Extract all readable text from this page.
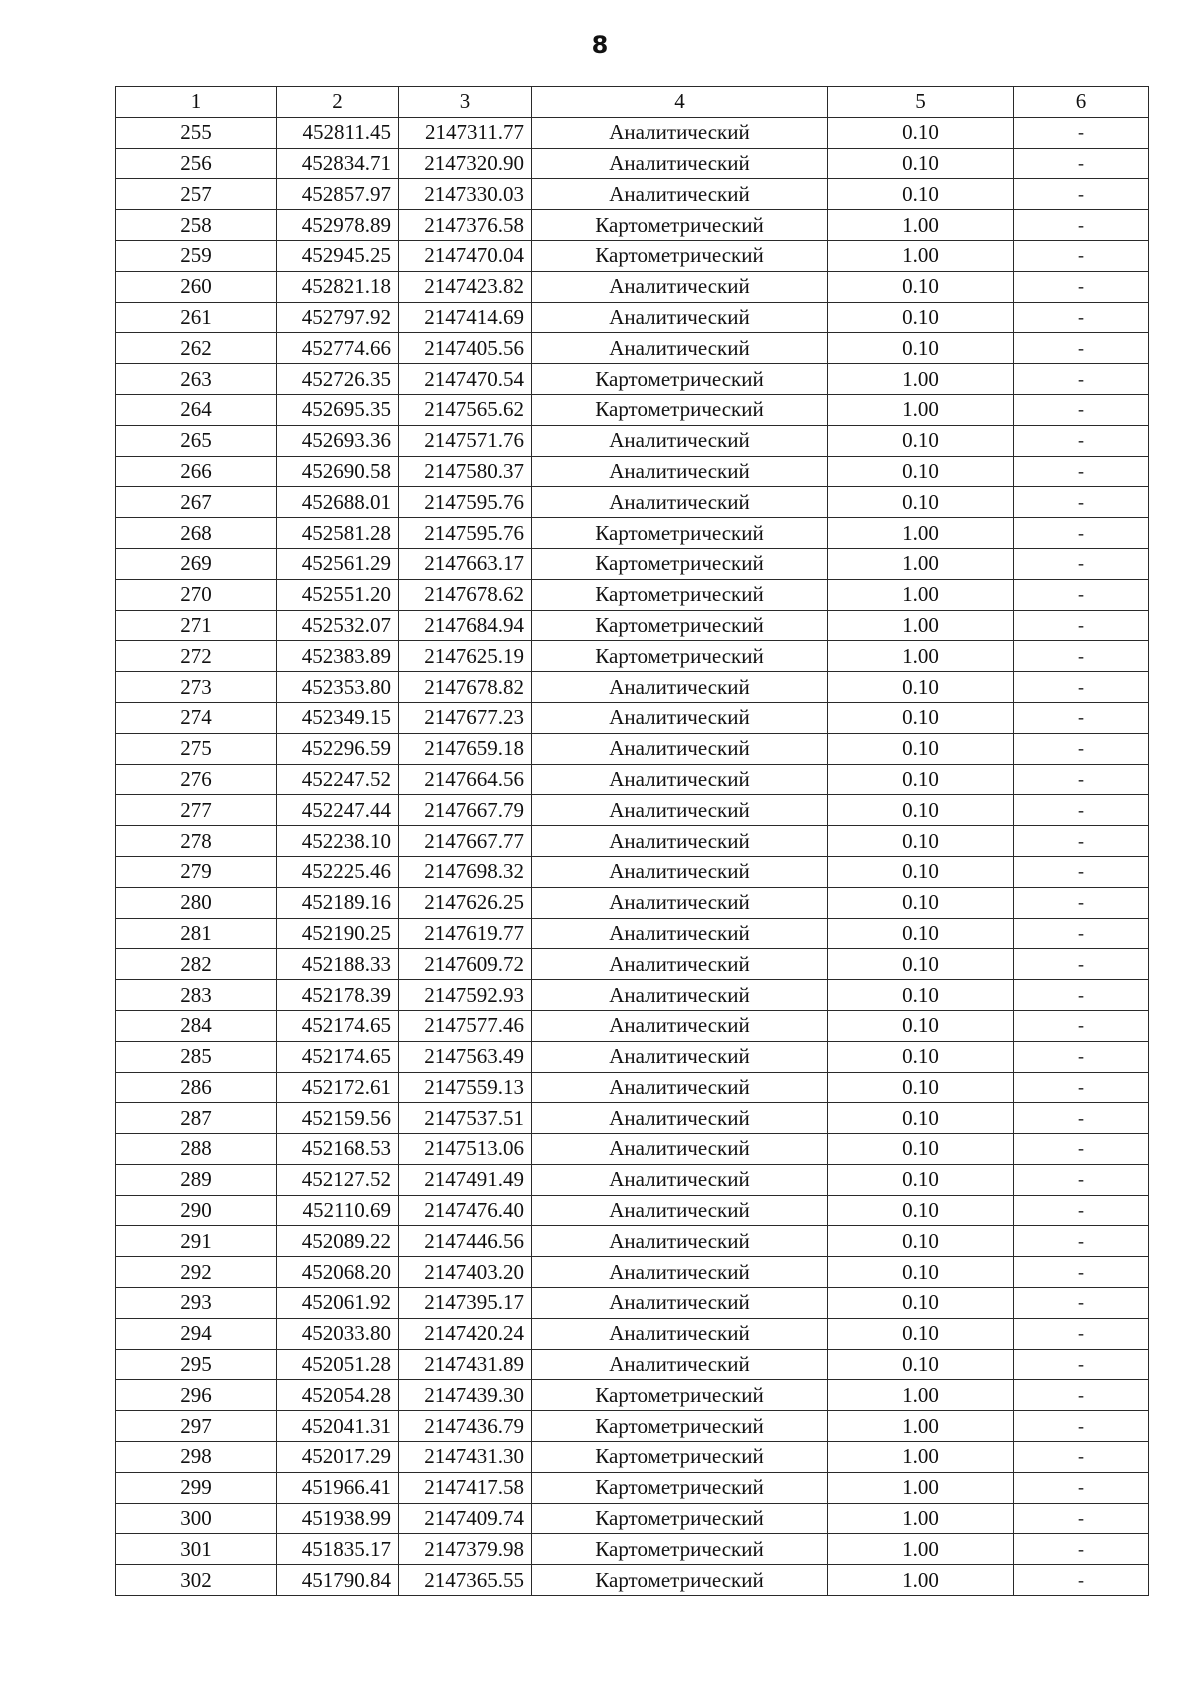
8
1	2	3	4	5	6
255	452811.45	2147311.77	Аналитический	0.10	-
256	452834.71	2147320.90	Аналитический	0.10	-
257	452857.97	2147330.03	Аналитический	0.10	-
258	452978.89	2147376.58	Картометрический	1.00	-
259	452945.25	2147470.04	Картометрический	1.00	-
260	452821.18	2147423.82	Аналитический	0.10	-
261	452797.92	2147414.69	Аналитический	0.10	-
262	452774.66	2147405.56	Аналитический	0.10	-
263	452726.35	2147470.54	Картометрический	1.00	-
264	452695.35	2147565.62	Картометрический	1.00	-
265	452693.36	2147571.76	Аналитический	0.10	-
266	452690.58	2147580.37	Аналитический	0.10	-
267	452688.01	2147595.76	Аналитический	0.10	-
268	452581.28	2147595.76	Картометрический	1.00	-
269	452561.29	2147663.17	Картометрический	1.00	-
270	452551.20	2147678.62	Картометрический	1.00	-
271	452532.07	2147684.94	Картометрический	1.00	-
272	452383.89	2147625.19	Картометрический	1.00	-
273	452353.80	2147678.82	Аналитический	0.10	-
274	452349.15	2147677.23	Аналитический	0.10	-
275	452296.59	2147659.18	Аналитический	0.10	-
276	452247.52	2147664.56	Аналитический	0.10	-
277	452247.44	2147667.79	Аналитический	0.10	-
278	452238.10	2147667.77	Аналитический	0.10	-
279	452225.46	2147698.32	Аналитический	0.10	-
280	452189.16	2147626.25	Аналитический	0.10	-
281	452190.25	2147619.77	Аналитический	0.10	-
282	452188.33	2147609.72	Аналитический	0.10	-
283	452178.39	2147592.93	Аналитический	0.10	-
284	452174.65	2147577.46	Аналитический	0.10	-
285	452174.65	2147563.49	Аналитический	0.10	-
286	452172.61	2147559.13	Аналитический	0.10	-
287	452159.56	2147537.51	Аналитический	0.10	-
288	452168.53	2147513.06	Аналитический	0.10	-
289	452127.52	2147491.49	Аналитический	0.10	-
290	452110.69	2147476.40	Аналитический	0.10	-
291	452089.22	2147446.56	Аналитический	0.10	-
292	452068.20	2147403.20	Аналитический	0.10	-
293	452061.92	2147395.17	Аналитический	0.10	-
294	452033.80	2147420.24	Аналитический	0.10	-
295	452051.28	2147431.89	Аналитический	0.10	-
296	452054.28	2147439.30	Картометрический	1.00	-
297	452041.31	2147436.79	Картометрический	1.00	-
298	452017.29	2147431.30	Картометрический	1.00	-
299	451966.41	2147417.58	Картометрический	1.00	-
300	451938.99	2147409.74	Картометрический	1.00	-
301	451835.17	2147379.98	Картометрический	1.00	-
302	451790.84	2147365.55	Картометрический	1.00	-
